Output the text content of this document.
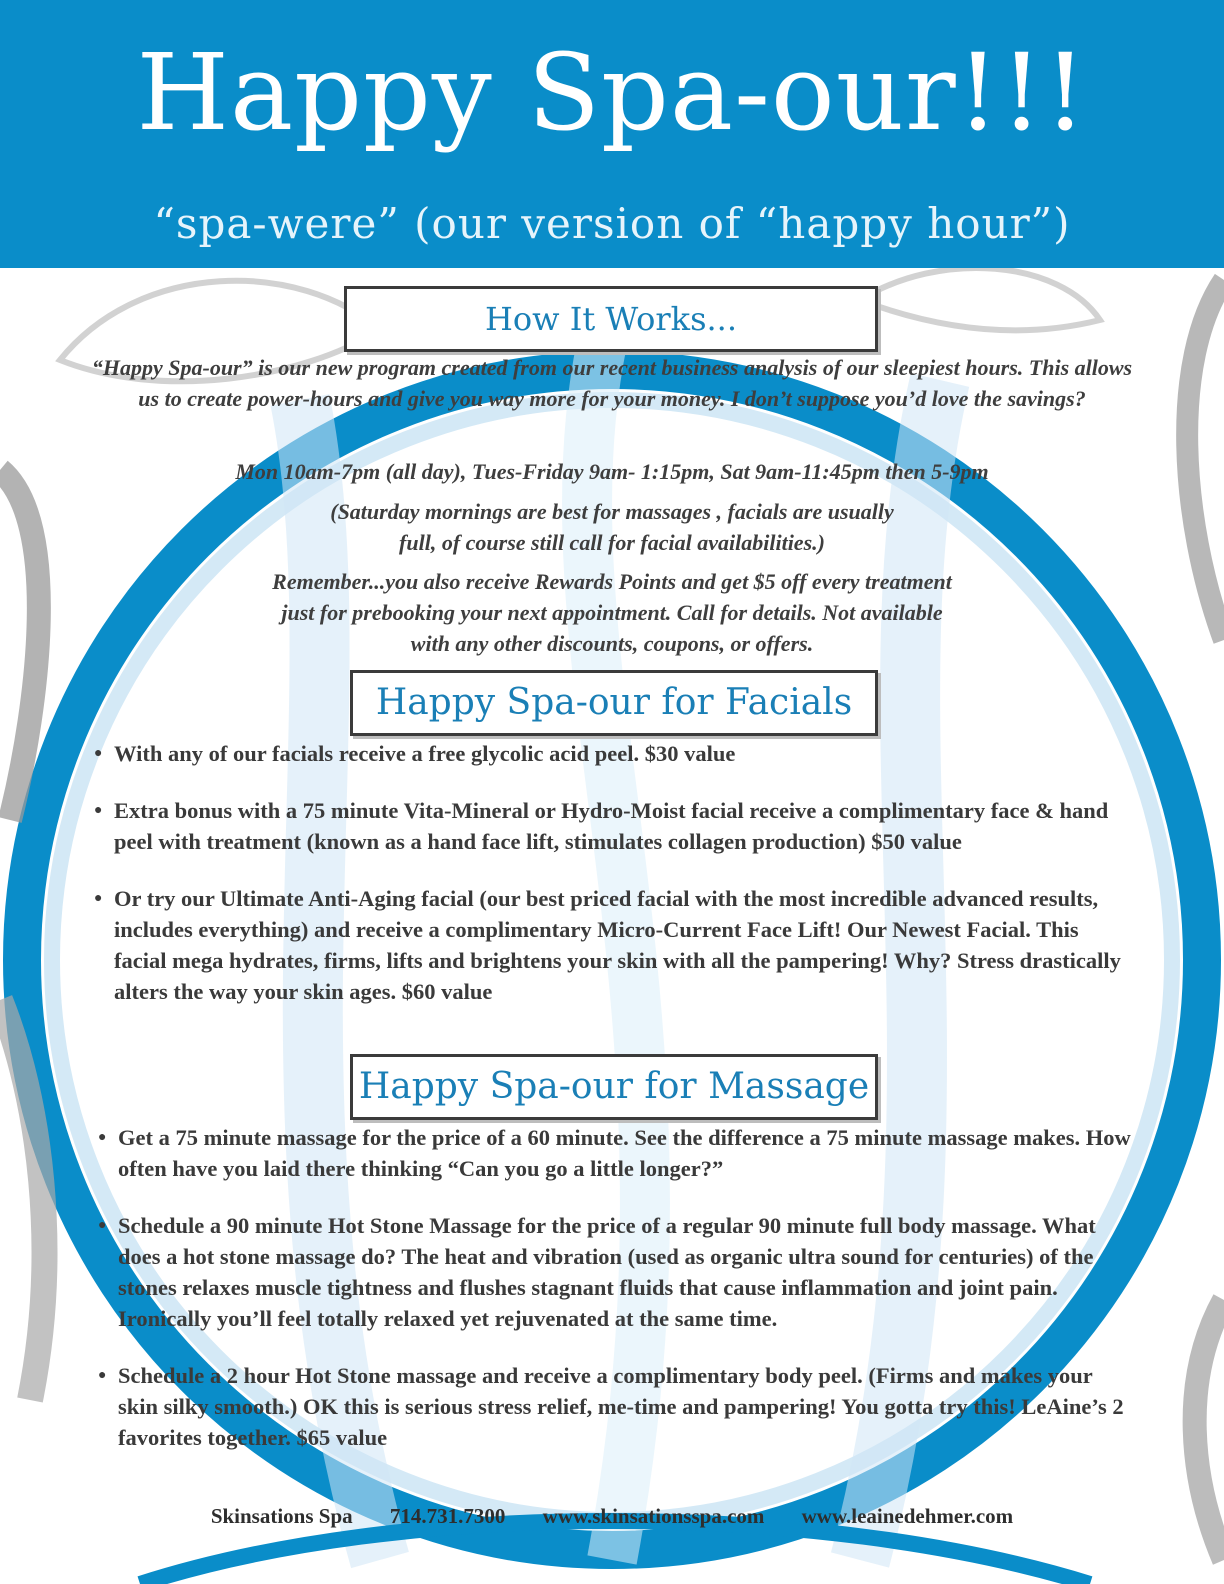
Happy Spa-our!!!
“spa-were” (our version of “happy hour”)
How It Works...

“Happy Spa-our” is our new program created from our recent business analysis of our sleepiest hours. This allows us to create power-hours and give you way more for your money. I don’t suppose you’d love the savings?

Mon 10am-7pm (all day), Tues-Friday 9am- 1:15pm, Sat 9am-11:45pm then 5-9pm

(Saturday mornings are best for massages , facials are usually full, of course still call for facial availabilities.)

Remember...you also receive Rewards Points and get $5 off every treatment just for prebooking your next appointment. Call for details. Not available with any other discounts, coupons, or offers.

Happy Spa-our for Facials
● With any of our facials receive a free glycolic acid peel. $30 value
● Extra bonus with a 75 minute Vita-Mineral or Hydro-Moist facial receive a complimentary face & hand peel with treatment (known as a hand face lift, stimulates collagen production) $50 value
● Or try our Ultimate Anti-Aging facial (our best priced facial with the most incredible advanced results, includes everything) and receive a complimentary Micro-Current Face Lift! Our Newest Facial. This facial mega hydrates, firms, lifts and brightens your skin with all the pampering! Why? Stress drastically alters the way your skin ages. $60 value
Happy Spa-our for Massage
● Get a 75 minute massage for the price of a 60 minute. See the difference a 75 minute massage makes. How often have you laid there thinking “Can you go a little longer?”
● Schedule a 90 minute Hot Stone Massage for the price of a regular 90 minute full body massage. What does a hot stone massage do? The heat and vibration (used as organic ultra sound for centuries) of the stones relaxes muscle tightness and flushes stagnant fluids that cause inflammation and joint pain. Ironically you’ll feel totally relaxed yet rejuvenated at the same time.
● Schedule a 2 hour Hot Stone massage and receive a complimentary body peel. (Firms and makes your skin silky smooth.) OK this is serious stress relief, me-time and pampering! You gotta try this! LeAine’s 2 favorites together. $65 value
Skinsations Spa 714.731.7300 www.skinsationsspa.com www.leainedehmer.com
